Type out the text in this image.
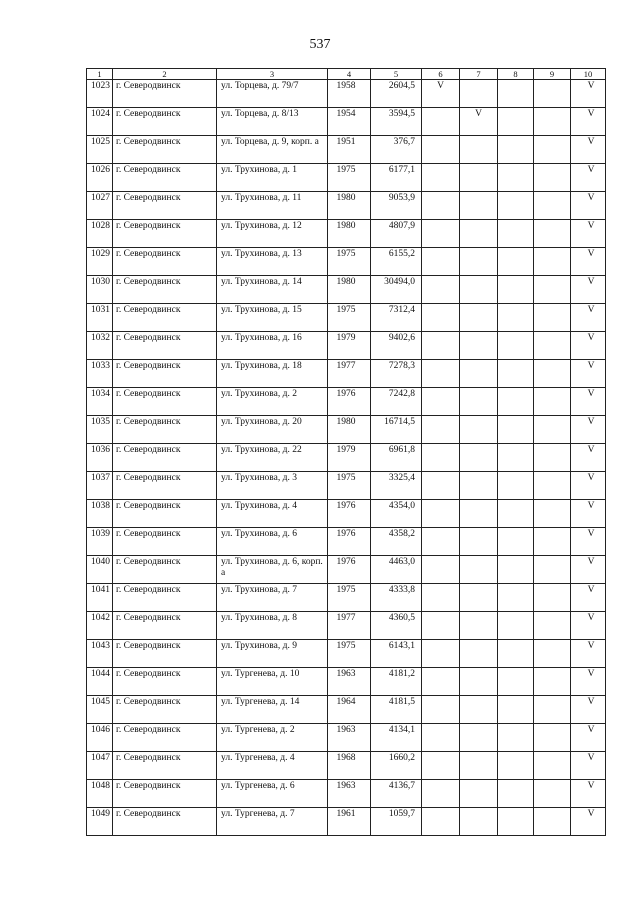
537
1	2	3	4	5	6	7	8	9	10

1023	г. Северодвинск	ул. Торцева, д. 79/7	1958	2604,5	V				V

1024	г. Северодвинск	ул. Торцева, д. 8/13	1954	3594,5		V			V

1025	г. Северодвинск	ул. Торцева, д. 9, корп. а	1951	376,7					V

1026	г. Северодвинск	ул. Трухинова, д. 1	1975	6177,1					V

1027	г. Северодвинск	ул. Трухинова, д. 11	1980	9053,9					V

1028	г. Северодвинск	ул. Трухинова, д. 12	1980	4807,9					V

1029	г. Северодвинск	ул. Трухинова, д. 13	1975	6155,2					V

1030	г. Северодвинск	ул. Трухинова, д. 14	1980	30494,0					V

1031	г. Северодвинск	ул. Трухинова, д. 15	1975	7312,4					V

1032	г. Северодвинск	ул. Трухинова, д. 16	1979	9402,6					V

1033	г. Северодвинск	ул. Трухинова, д. 18	1977	7278,3					V

1034	г. Северодвинск	ул. Трухинова, д. 2	1976	7242,8					V

1035	г. Северодвинск	ул. Трухинова, д. 20	1980	16714,5					V

1036	г. Северодвинск	ул. Трухинова, д. 22	1979	6961,8					V

1037	г. Северодвинск	ул. Трухинова, д. 3	1975	3325,4					V

1038	г. Северодвинск	ул. Трухинова, д. 4	1976	4354,0					V

1039	г. Северодвинск	ул. Трухинова, д. 6	1976	4358,2					V

1040	г. Северодвинск	ул. Трухинова, д. 6, корп. а	1976	4463,0					V

1041	г. Северодвинск	ул. Трухинова, д. 7	1975	4333,8					V

1042	г. Северодвинск	ул. Трухинова, д. 8	1977	4360,5					V

1043	г. Северодвинск	ул. Трухинова, д. 9	1975	6143,1					V

1044	г. Северодвинск	ул. Тургенева, д. 10	1963	4181,2					V

1045	г. Северодвинск	ул. Тургенева, д. 14	1964	4181,5					V

1046	г. Северодвинск	ул. Тургенева, д. 2	1963	4134,1					V

1047	г. Северодвинск	ул. Тургенева, д. 4	1968	1660,2					V

1048	г. Северодвинск	ул. Тургенева, д. 6	1963	4136,7					V

1049	г. Северодвинск	ул. Тургенева, д. 7	1961	1059,7					V
